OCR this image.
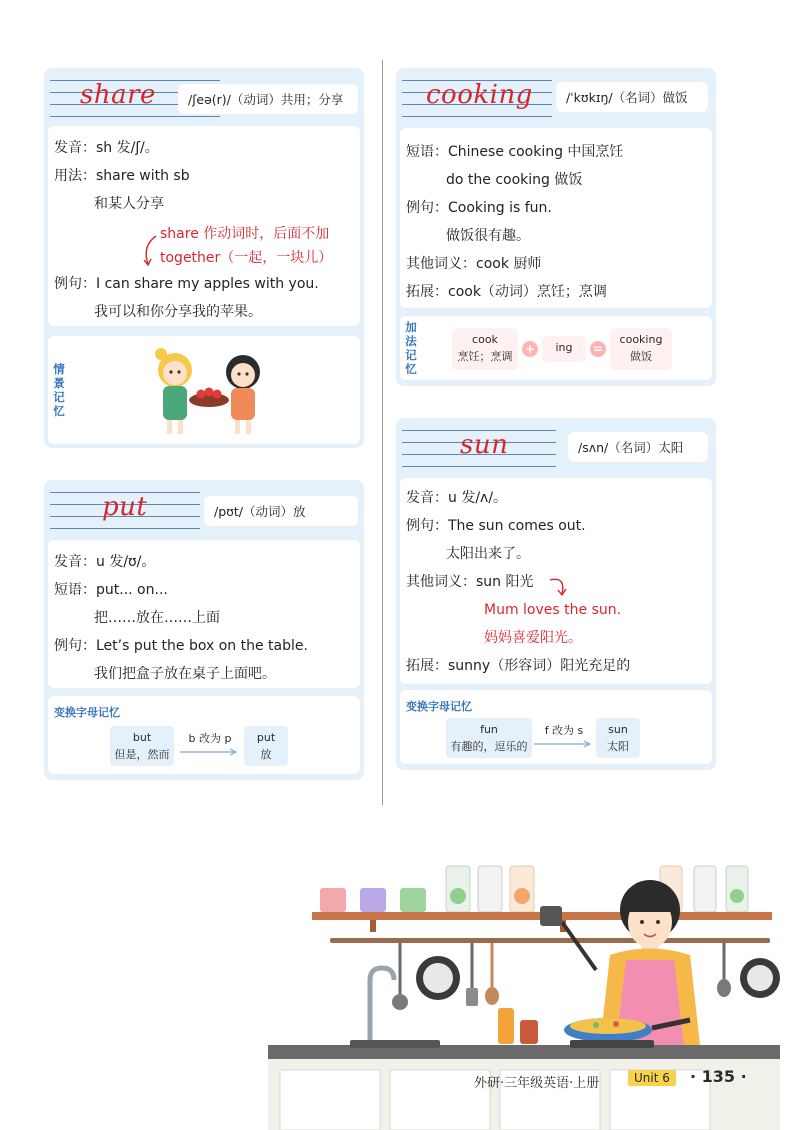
share	/ʃeə(r)/（动词）共用；分享
发音：sh 发/ʃ/。
用法：share with sb
和某人分享
share 作动词时，后面不加
together（一起，一块儿）
例句：I can share my apples with you.
我可以和你分享我的苹果。
情景记忆
put	/pʊt/（动词）放
发音：u 发/ʊ/。
短语：put... on...
把……放在……上面
例句：Let’s put the box on the table.
我们把盒子放在桌子上面吧。
变换字母记忆
but
但是，然而
b 改为 p	put
放
cooking	/ˈkʊkɪŋ/（名词）做饭
短语：Chinese cooking 中国烹饪
do the cooking 做饭
例句：Cooking is fun.
做饭很有趣。
其他词义：cook 厨师
拓展：cook（动词）烹饪；烹调
加法记忆
cook
烹饪；烹调
+	ing	=
cooking
做饭
sun	/sʌn/（名词）太阳
发音：u 发/ʌ/。
例句：The sun comes out.
太阳出来了。
其他词义：sun 阳光
Mum loves the sun.
妈妈喜爱阳光。
拓展：sunny（形容词）阳光充足的
变换字母记忆
fun
有趣的，逗乐的
f 改为 s	sun
太阳
外研·三年级英语·上册	Unit 6	· 135 ·
